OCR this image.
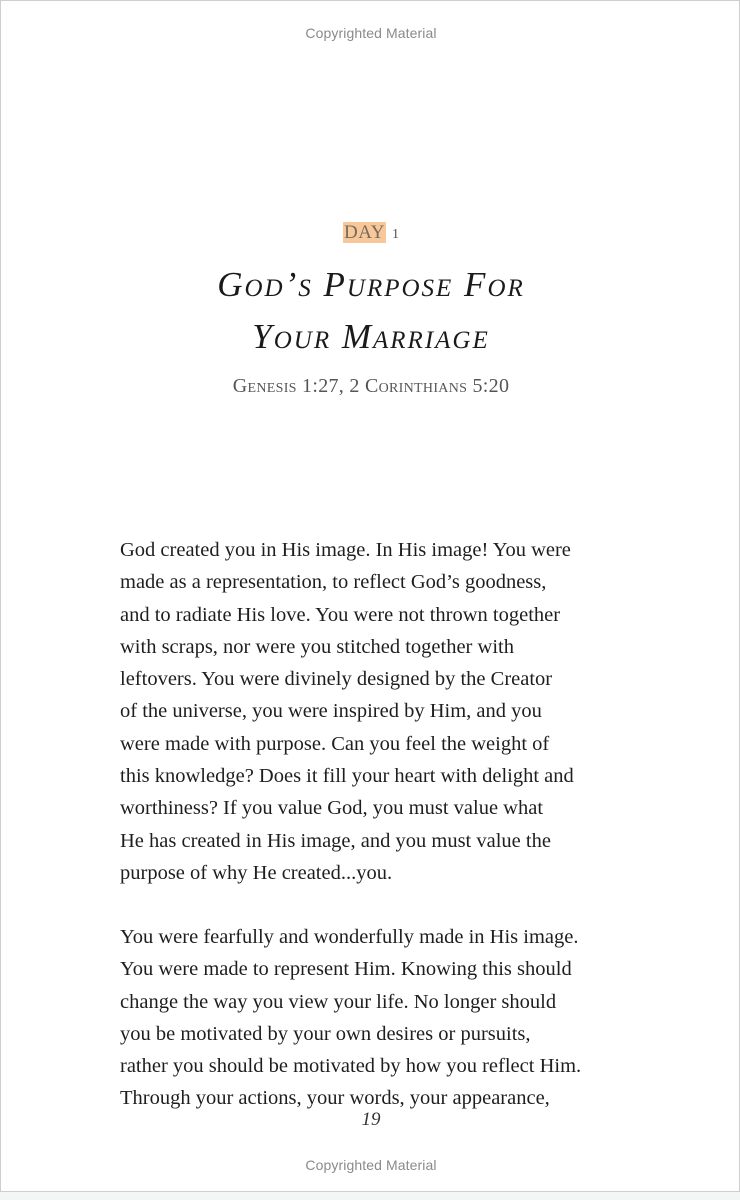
Copyrighted Material
DAY 1
God’s Purpose For
Your Marriage
Genesis 1:27, 2 Corinthians 5:20

God created you in His image. In His image! You were
made as a representation, to reflect God’s goodness,
and to radiate His love. You were not thrown together
with scraps, nor were you stitched together with
leftovers. You were divinely designed by the Creator
of the universe, you were inspired by Him, and you
were made with purpose. Can you feel the weight of
this knowledge? Does it fill your heart with delight and
worthiness? If you value God, you must value what
He has created in His image, and you must value the
purpose of why He created...you.

You were fearfully and wonderfully made in His image.
You were made to represent Him. Knowing this should
change the way you view your life. No longer should
you be motivated by your own desires or pursuits,
rather you should be motivated by how you reflect Him.
Through your actions, your words, your appearance,

19
Copyrighted Material
